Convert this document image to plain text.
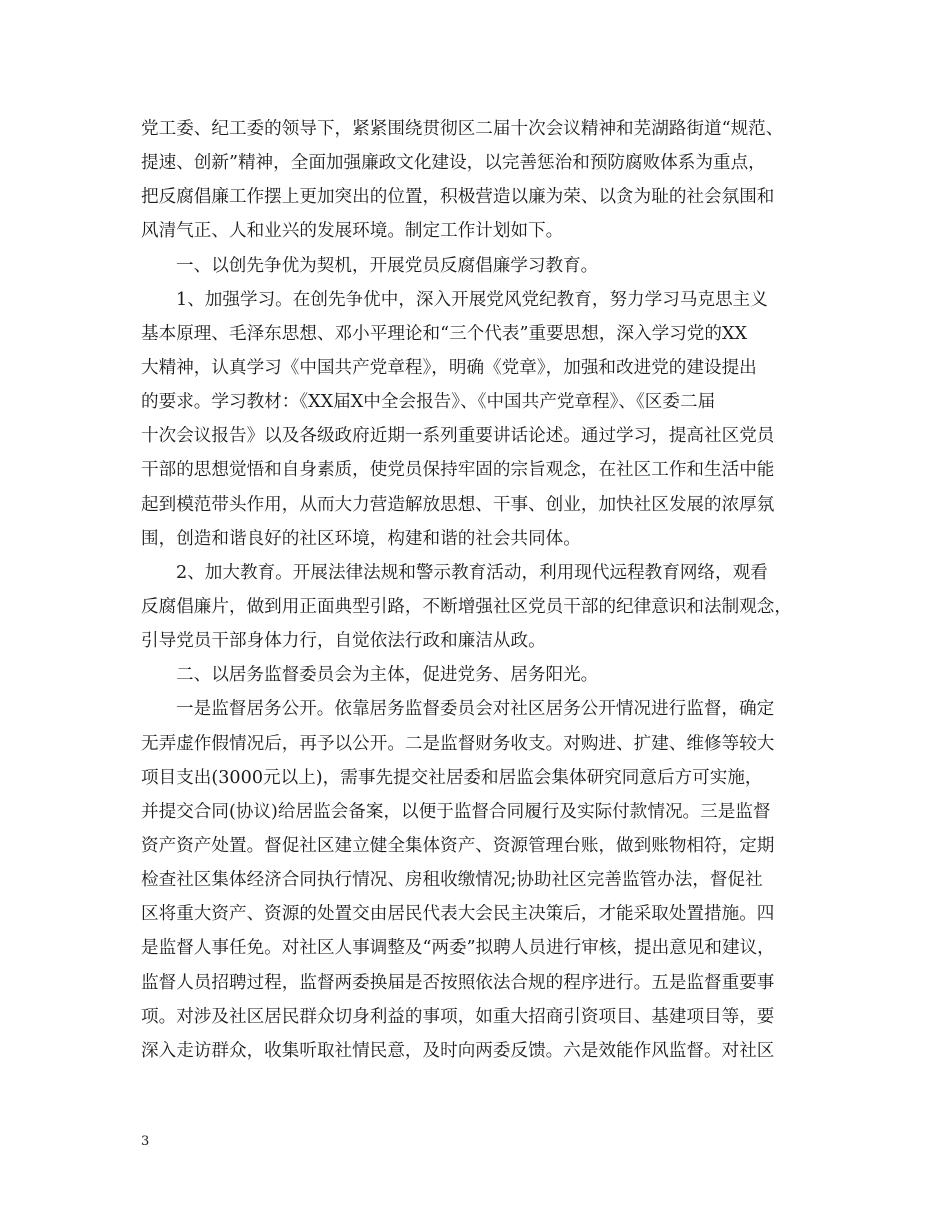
党工委、纪工委的领导下，紧紧围绕贯彻区二届十次会议精神和芜湖路街道“规范、
提速、创新”精神，全面加强廉政文化建设，以完善惩治和预防腐败体系为重点，
把反腐倡廉工作摆上更加突出的位置，积极营造以廉为荣、以贪为耻的社会氛围和
风清气正、人和业兴的发展环境。制定工作计划如下。
一、以创先争优为契机，开展党员反腐倡廉学习教育。
1、加强学习。在创先争优中，深入开展党风党纪教育，努力学习马克思主义
基本原理、毛泽东思想、邓小平理论和“三个代表”重要思想，深入学习党的XX
大精神，认真学习《中国共产党章程》，明确《党章》，加强和改进党的建设提出
的要求。学习教材：《XX届X中全会报告》、《中国共产党章程》、《区委二届
十次会议报告》以及各级政府近期一系列重要讲话论述。通过学习，提高社区党员
干部的思想觉悟和自身素质，使党员保持牢固的宗旨观念，在社区工作和生活中能
起到模范带头作用，从而大力营造解放思想、干事、创业，加快社区发展的浓厚氛
围，创造和谐良好的社区环境，构建和谐的社会共同体。
2、加大教育。开展法律法规和警示教育活动，利用现代远程教育网络，观看
反腐倡廉片，做到用正面典型引路，不断增强社区党员干部的纪律意识和法制观念，
引导党员干部身体力行，自觉依法行政和廉洁从政。
二、以居务监督委员会为主体，促进党务、居务阳光。
一是监督居务公开。依靠居务监督委员会对社区居务公开情况进行监督，确定
无弄虚作假情况后，再予以公开。二是监督财务收支。对购进、扩建、维修等较大
项目支出(3000元以上)，需事先提交社居委和居监会集体研究同意后方可实施，
并提交合同(协议)给居监会备案，以便于监督合同履行及实际付款情况。三是监督
资产资产处置。督促社区建立健全集体资产、资源管理台账，做到账物相符，定期
检查社区集体经济合同执行情况、房租收缴情况;协助社区完善监管办法，督促社
区将重大资产、资源的处置交由居民代表大会民主决策后，才能采取处置措施。四
是监督人事任免。对社区人事调整及“两委”拟聘人员进行审核，提出意见和建议，
监督人员招聘过程，监督两委换届是否按照依法合规的程序进行。五是监督重要事
项。对涉及社区居民群众切身利益的事项，如重大招商引资项目、基建项目等，要
深入走访群众，收集听取社情民意，及时向两委反馈。六是效能作风监督。对社区
3
